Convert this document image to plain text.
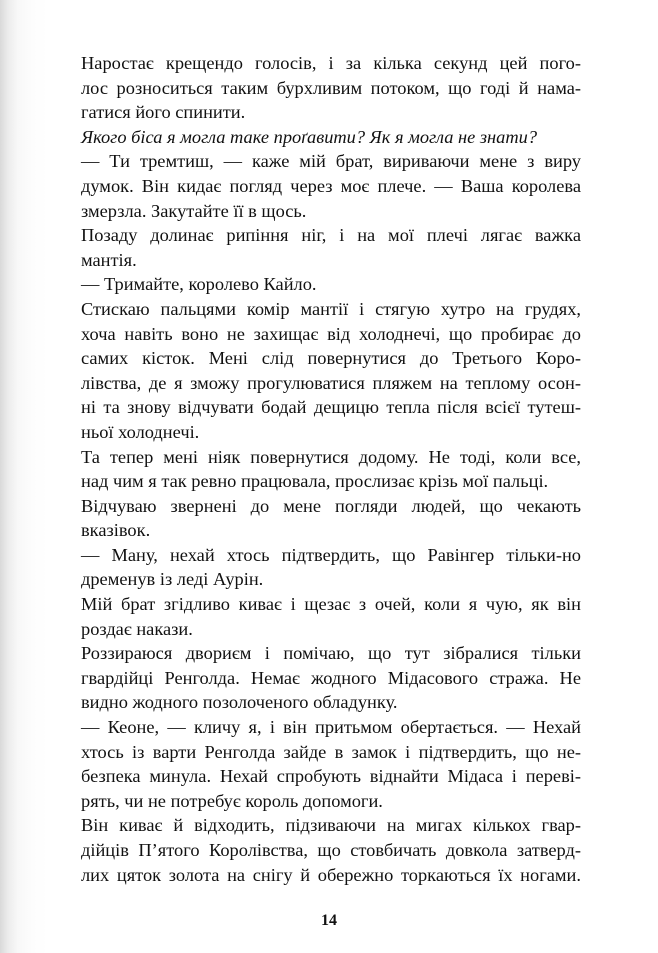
Наростає крещендо голосів, і за кілька секунд цей пого-
лос розноситься таким бурхливим потоком, що годі й нама-
гатися його спинити.

Якого біса я могла таке проґавити? Як я могла не знати?

— Ти тремтиш, — каже мій брат, вириваючи мене з виру
думок. Він кидає погляд через моє плече. — Ваша королева
змерзла. Закутайте її в щось.

Позаду долинає рипіння ніг, і на мої плечі лягає важка
мантія.

— Тримайте, королево Кайло.

Стискаю пальцями комір мантії і стягую хутро на грудях,
хоча навіть воно не захищає від холоднечі, що пробирає до
самих кісток. Мені слід повернутися до Третього Коро-
лівства, де я зможу прогулюватися пляжем на теплому осон-
ні та знову відчувати бодай дещицю тепла після всієї тутеш-
ньої холоднечі.

Та тепер мені ніяк повернутися додому. Не тоді, коли все,
над чим я так ревно працювала, прослизає крізь мої пальці.

Відчуваю звернені до мене погляди людей, що чекають
вказівок.

— Ману, нехай хтось підтвердить, що Равінгер тільки-но
дременув із леді Аурін.

Мій брат згідливо киває і щезає з очей, коли я чую, як він
роздає накази.

Роззираюся двориєм і помічаю, що тут зібралися тільки
гвардійці Ренголда. Немає жодного Мідасового стража. Не
видно жодного позолоченого обладунку.

— Кеоне, — кличу я, і він притьмом обертається. — Нехай
хтось із варти Ренголда зайде в замок і підтвердить, що не-
безпека минула. Нехай спробують віднайти Мідаса і переві-
рять, чи не потребує король допомоги.

Він киває й відходить, підзиваючи на мигах кількох гвар-
дійців П’ятого Королівства, що стовбичать довкола затверд-
лих цяток золота на снігу й обережно торкаються їх ногами.

14
